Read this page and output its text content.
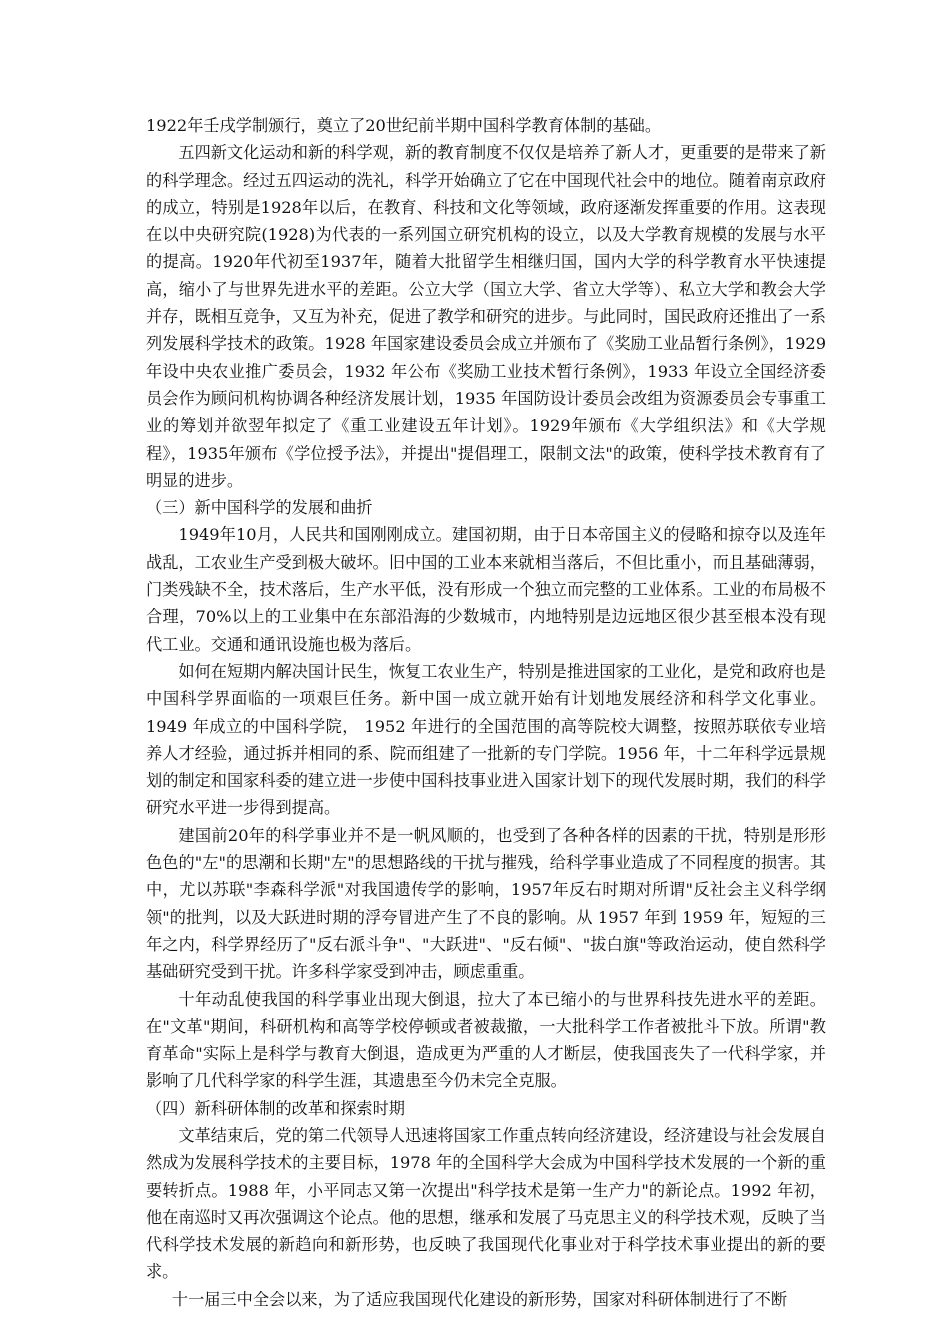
1922年壬戌学制颁行，奠立了20世纪前半期中国科学教育体制的基础。

五四新文化运动和新的科学观，新的教育制度不仅仅是培养了新人才，更重要的是带来了新的科学理念。经过五四运动的洗礼，科学开始确立了它在中国现代社会中的地位。随着南京政府的成立，特别是1928年以后，在教育、科技和文化等领域，政府逐渐发挥重要的作用。这表现在以中央研究院(1928)为代表的一系列国立研究机构的设立，以及大学教育规模的发展与水平的提高。1920年代初至1937年，随着大批留学生相继归国，国内大学的科学教育水平快速提高，缩小了与世界先进水平的差距。公立大学（国立大学、省立大学等）、私立大学和教会大学并存，既相互竞争，又互为补充，促进了教学和研究的进步。与此同时，国民政府还推出了一系列发展科学技术的政策。1928 年国家建设委员会成立并颁布了《奖励工业品暂行条例》，1929 年设中央农业推广委员会，1932 年公布《奖励工业技术暂行条例》，1933 年设立全国经济委员会作为顾问机构协调各种经济发展计划，1935 年国防设计委员会改组为资源委员会专事重工业的筹划并欲翌年拟定了《重工业建设五年计划》。1929年颁布《大学组织法》和《大学规程》，1935年颁布《学位授予法》，并提出"提倡理工，限制文法"的政策，使科学技术教育有了明显的进步。

（三）新中国科学的发展和曲折

1949年10月，人民共和国刚刚成立。建国初期，由于日本帝国主义的侵略和掠夺以及连年战乱，工农业生产受到极大破坏。旧中国的工业本来就相当落后，不但比重小，而且基础薄弱，门类残缺不全，技术落后，生产水平低，没有形成一个独立而完整的工业体系。工业的布局极不合理，70%以上的工业集中在东部沿海的少数城市，内地特别是边远地区很少甚至根本没有现代工业。交通和通讯设施也极为落后。

如何在短期内解决国计民生，恢复工农业生产，特别是推进国家的工业化，是党和政府也是中国科学界面临的一项艰巨任务。新中国一成立就开始有计划地发展经济和科学文化事业。1949 年成立的中国科学院， 1952 年进行的全国范围的高等院校大调整，按照苏联依专业培养人才经验，通过拆并相同的系、院而组建了一批新的专门学院。1956 年，十二年科学远景规划的制定和国家科委的建立进一步使中国科技事业进入国家计划下的现代发展时期，我们的科学研究水平进一步得到提高。

建国前20年的科学事业并不是一帆风顺的，也受到了各种各样的因素的干扰，特别是形形色色的"左"的思潮和长期"左"的思想路线的干扰与摧残，给科学事业造成了不同程度的损害。其中，尤以苏联"李森科学派"对我国遗传学的影响，1957年反右时期对所谓"反社会主义科学纲领"的批判，以及大跃进时期的浮夸冒进产生了不良的影响。从 1957 年到 1959 年，短短的三年之内，科学界经历了"反右派斗争"、"大跃进"、"反右倾"、"拔白旗"等政治运动，使自然科学基础研究受到干扰。许多科学家受到冲击，顾虑重重。

十年动乱使我国的科学事业出现大倒退，拉大了本已缩小的与世界科技先进水平的差距。在"文革"期间，科研机构和高等学校停顿或者被裁撤，一大批科学工作者被批斗下放。所谓"教育革命"实际上是科学与教育大倒退，造成更为严重的人才断层，使我国丧失了一代科学家，并影响了几代科学家的科学生涯，其遗患至今仍未完全克服。

（四）新科研体制的改革和探索时期

文革结束后，党的第二代领导人迅速将国家工作重点转向经济建设，经济建设与社会发展自然成为发展科学技术的主要目标，1978 年的全国科学大会成为中国科学技术发展的一个新的重要转折点。1988 年，小平同志又第一次提出"科学技术是第一生产力"的新论点。1992 年初，他在南巡时又再次强调这个论点。他的思想，继承和发展了马克思主义的科学技术观，反映了当代科学技术发展的新趋向和新形势，也反映了我国现代化事业对于科学技术事业提出的新的要求。

十一届三中全会以来，为了适应我国现代化建设的新形势，国家对科研体制进行了不断
